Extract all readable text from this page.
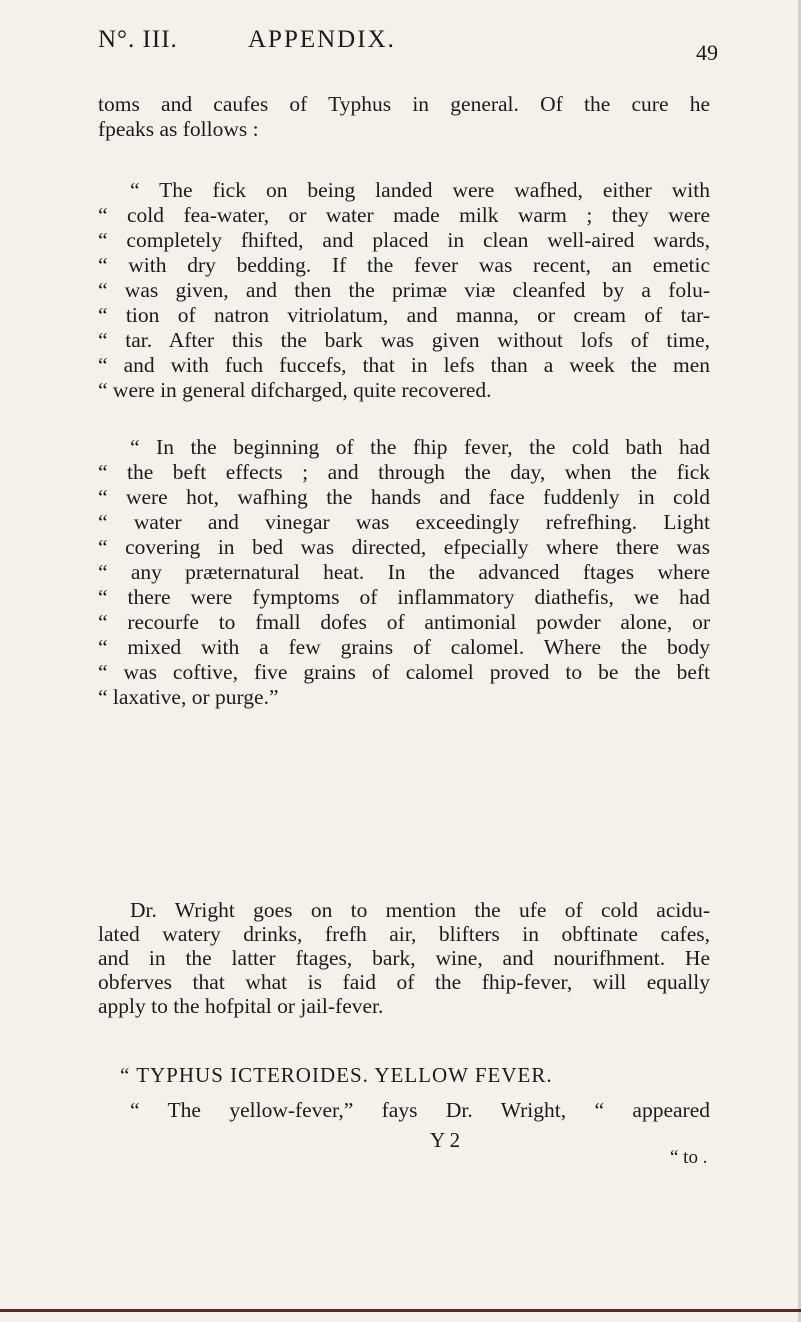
N°. III.	APPENDIX.	49
toms and caufes of Typhus in general. Of the cure he
fpeaks as follows :
“ The fick on being landed were wafhed, either with
“ cold fea-water, or water made milk warm ; they were
“ completely fhifted, and placed in clean well-aired wards,
“ with dry bedding. If the fever was recent, an emetic
“ was given, and then the primæ viæ cleanfed by a folu-
“ tion of natron vitriolatum, and manna, or cream of tar-
“ tar. After this the bark was given without lofs of time,
“ and with fuch fuccefs, that in lefs than a week the men
“ were in general difcharged, quite recovered.
“ In the beginning of the fhip fever, the cold bath had
“ the beft effects ; and through the day, when the fick
“ were hot, wafhing the hands and face fuddenly in cold
“ water and vinegar was exceedingly refrefhing. Light
“ covering in bed was directed, efpecially where there was
“ any præternatural heat. In the advanced ftages where
“ there were fymptoms of inflammatory diathefis, we had
“ recourfe to fmall dofes of antimonial powder alone, or
“ mixed with a few grains of calomel. Where the body
“ was coftive, five grains of calomel proved to be the beft
“ laxative, or purge.”
Dr. Wright goes on to mention the ufe of cold acidu-
lated watery drinks, frefh air, blifters in obftinate cafes,
and in the latter ftages, bark, wine, and nourifhment. He
obferves that what is faid of the fhip-fever, will equally
apply to the hofpital or jail-fever.
“ TYPHUS ICTEROIDES. YELLOW FEVER.
“ The yellow-fever,” fays Dr. Wright, “ appeared
Y 2
“ to .
